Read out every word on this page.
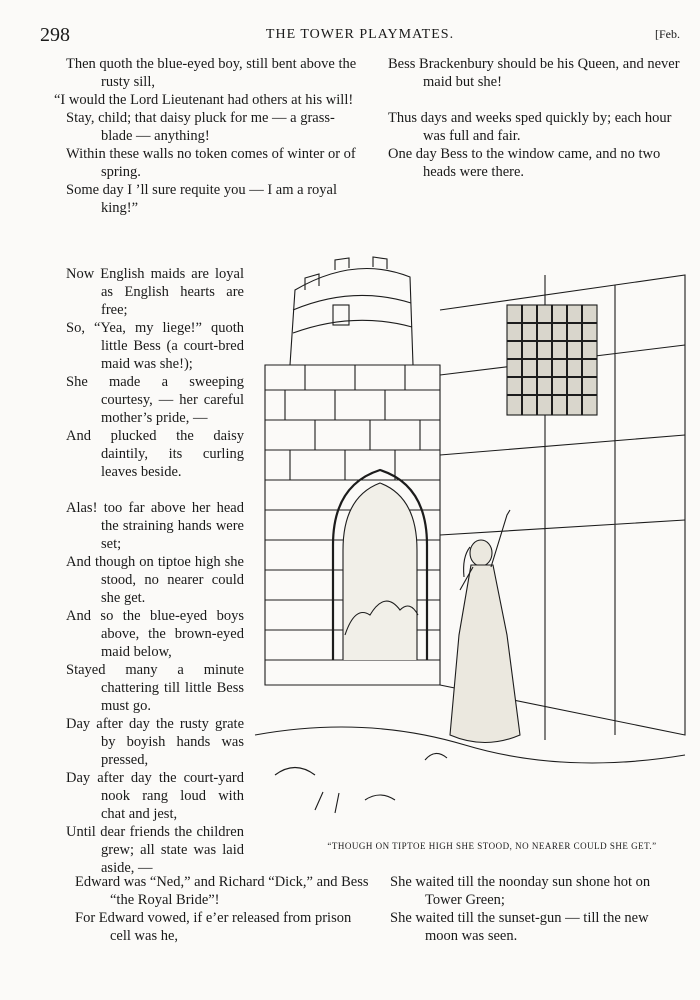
298	THE TOWER PLAYMATES.	[Feb.
Then quoth the blue-eyed boy, still bent above the rusty sill,
“I would the Lord Lieutenant had others at his will!
Stay, child; that daisy pluck for me — a grass-blade — anything!
Within these walls no token comes of winter or of spring.
Some day I ’ll sure requite you — I am a royal king!”
Now English maids are loyal as English hearts are free;
So, “Yea, my liege!” quoth little Bess (a court-bred maid was she!);
She made a sweeping courtesy, — her careful mother’s pride, —
And plucked the daisy daintily, its curling leaves beside.
Alas! too far above her head the straining hands were set;
And though on tiptoe high she stood, no nearer could she get.
And so the blue-eyed boys above, the brown-eyed maid below,
Stayed many a minute chattering till little Bess must go.
Day after day the rusty grate by boyish hands was pressed,
Day after day the court-yard nook rang loud with chat and jest,
Until dear friends the children grew; all state was laid aside, —
Bess Brackenbury should be his Queen, and never maid but she!
Thus days and weeks sped quickly by; each hour was full and fair.
One day Bess to the window came, and no two heads were there.
“THOUGH ON TIPTOE HIGH SHE STOOD, NO NEARER COULD SHE GET.”
Edward was “Ned,” and Richard “Dick,” and Bess “the Royal Bride”!
For Edward vowed, if e’er released from prison cell was he,
She waited till the noonday sun shone hot on Tower Green;
She waited till the sunset-gun — till the new moon was seen.
